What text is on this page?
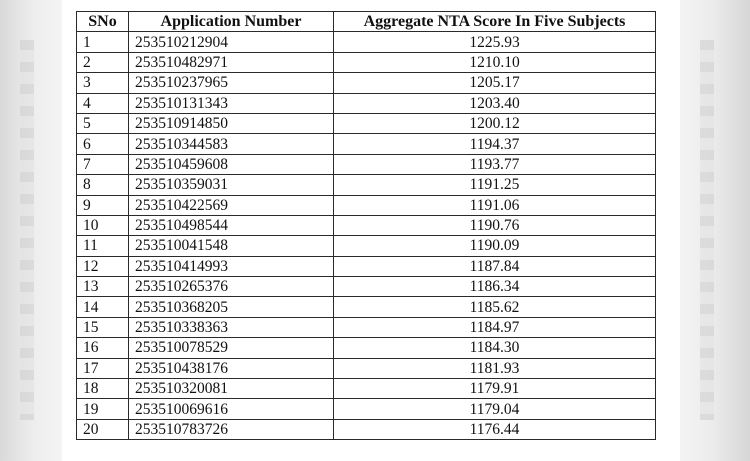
SNo	Application Number	Aggregate NTA Score In Five Subjects
1	253510212904	1225.93
2	253510482971	1210.10
3	253510237965	1205.17
4	253510131343	1203.40
5	253510914850	1200.12
6	253510344583	1194.37
7	253510459608	1193.77
8	253510359031	1191.25
9	253510422569	1191.06
10	253510498544	1190.76
11	253510041548	1190.09
12	253510414993	1187.84
13	253510265376	1186.34
14	253510368205	1185.62
15	253510338363	1184.97
16	253510078529	1184.30
17	253510438176	1181.93
18	253510320081	1179.91
19	253510069616	1179.04
20	253510783726	1176.44
